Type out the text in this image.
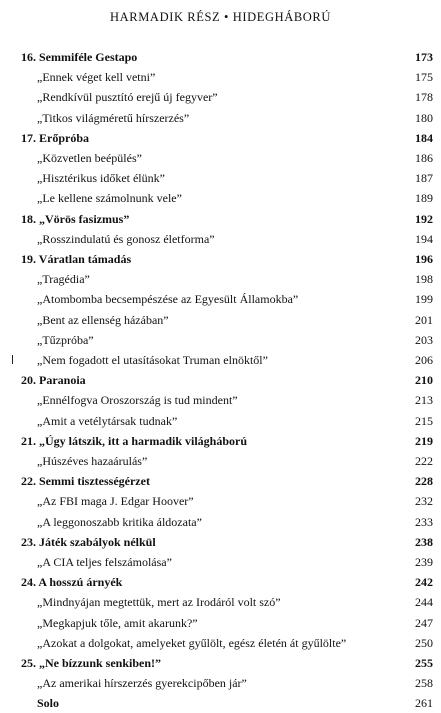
HARMADIK RÉSZ • HIDEGHÁBORÚ
16. Semmiféle Gestapo	173
„Ennek véget kell vetni”	175
„Rendkívül pusztító erejű új fegyver”	178
„Titkos világméretű hírszerzés”	180
17. Erőpróba	184
„Közvetlen beépülés”	186
„Hisztérikus időket élünk”	187
„Le kellene számolnunk vele”	189
18. „Vörös fasizmus”	192
„Rosszindulatú és gonosz életforma”	194
19. Váratlan támadás	196
„Tragédia”	198
„Atombomba becsempészése az Egyesült Államokba”	199
„Bent az ellenség házában”	201
„Tűzpróba”	203
„Nem fogadott el utasításokat Truman elnöktől”	206
20. Paranoia	210
„Ennélfogva Oroszország is tud mindent”	213
„Amit a vetélytársak tudnak”	215
21. „Úgy látszik, itt a harmadik világháború	219
„Húszéves hazaárulás”	222
22. Semmi tisztességérzet	228
„Az FBI maga J. Edgar Hoover”	232
„A leggonoszabb kritika áldozata”	233
23. Játék szabályok nélkül	238
„A CIA teljes felszámolása”	239
24. A hosszú árnyék	242
„Mindnyájan megtettük, mert az Irodáról volt szó”	244
„Megkapjuk tőle, amit akarunk?”	247
„Azokat a dolgokat, amelyeket gyűlölt, egész életén át gyűlölte”	250
25. „Ne bízzunk senkiben!”	255
„Az amerikai hírszerzés gyerekcipőben jár”	258
Solo	261
